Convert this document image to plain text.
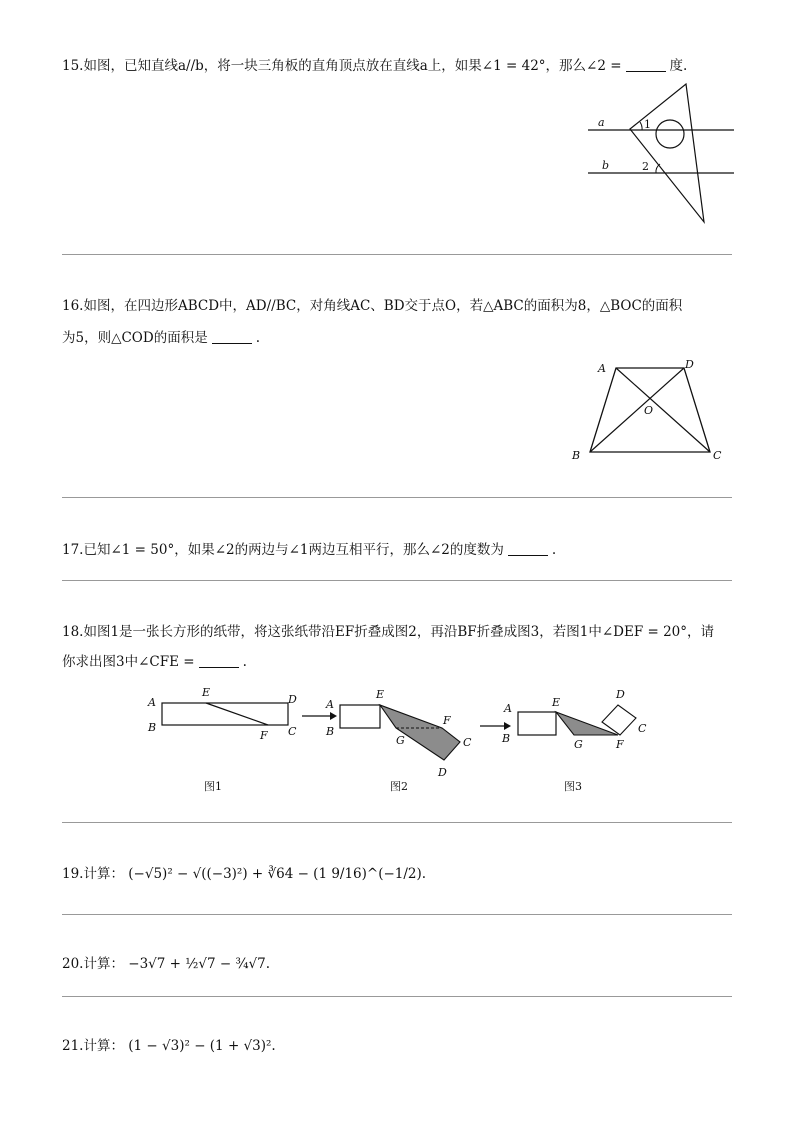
15.如图，已知直线a//b，将一块三角板的直角顶点放在直线a上，如果∠1 = 42°，那么∠2 =	度.
a
b
1
2
16.如图，在四边形ABCD中，AD//BC，对角线AC、BD交于点O，若△ABC的面积为8，△BOC的面积
为5，则△COD的面积是	.
A	D
O
B	C
17.已知∠1 = 50°，如果∠2的两边与∠1两边互相平行，那么∠2的度数为	.
18.如图1是一张长方形的纸带，将这张纸带沿EF折叠成图2，再沿BF折叠成图3，若图1中∠DEF = 20°，请
你求出图3中∠CFE =	.
A
B
E
D
F C
图1
A
B
E
F
G	C
D
图2
A
B
E
D
C
G	F
图3
19.计算： (−√5)² − √((−3)²) + ∛64 − (1 9/16)^(−1/2).
20.计算： −3√7 + ½√7 − ¾√7.
21.计算： (1 − √3)² − (1 + √3)².
